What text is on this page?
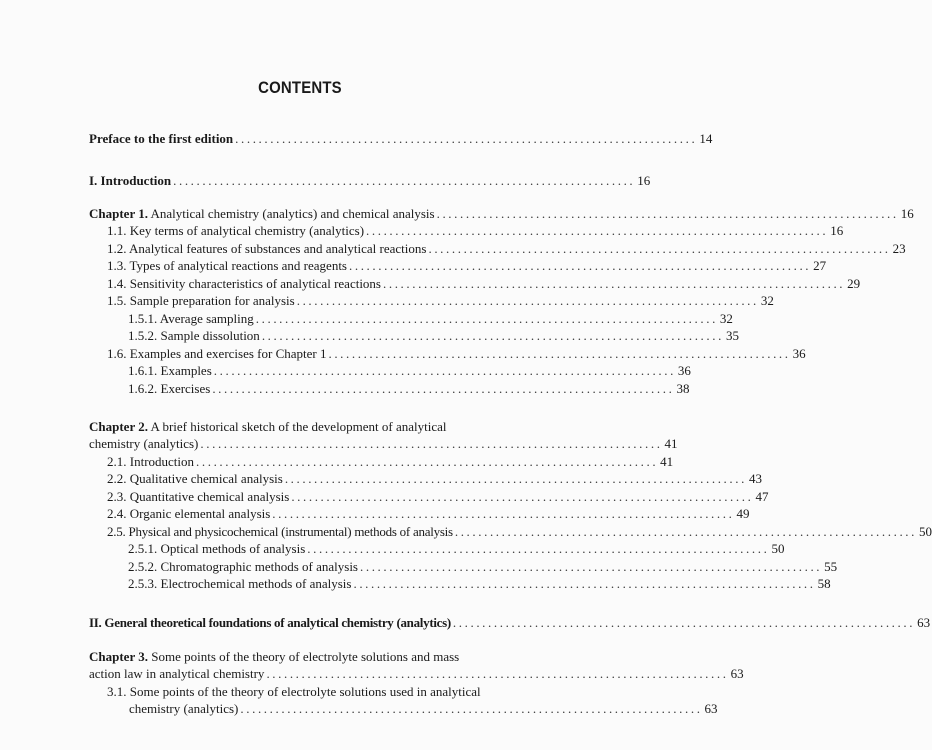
CONTENTS
Preface to the first edition ............................................................................... 14
I. Introduction ............................................................................... 16
Chapter 1. Analytical chemistry (analytics) and chemical analysis ............................................................................... 16
1.1. Key terms of analytical chemistry (analytics) ............................................................................... 16
1.2. Analytical features of substances and analytical reactions ............................................................................... 23
1.3. Types of analytical reactions and reagents ............................................................................... 27
1.4. Sensitivity characteristics of analytical reactions ............................................................................... 29
1.5. Sample preparation for analysis ............................................................................... 32
1.5.1. Average sampling ............................................................................... 32
1.5.2. Sample dissolution ............................................................................... 35
1.6. Examples and exercises for Chapter 1 ............................................................................... 36
1.6.1. Examples ............................................................................... 36
1.6.2. Exercises ............................................................................... 38
Chapter 2. A brief historical sketch of the development of analytical
chemistry (analytics) ............................................................................... 41
2.1. Introduction ............................................................................... 41
2.2. Qualitative chemical analysis ............................................................................... 43
2.3. Quantitative chemical analysis ............................................................................... 47
2.4. Organic elemental analysis ............................................................................... 49
2.5. Physical and physicochemical (instrumental) methods of analysis ............................................................................... 50
2.5.1. Optical methods of analysis ............................................................................... 50
2.5.2. Chromatographic methods of analysis ............................................................................... 55
2.5.3. Electrochemical methods of analysis ............................................................................... 58
II. General theoretical foundations of analytical chemistry (analytics) ............................................................................... 63
Chapter 3. Some points of the theory of electrolyte solutions and mass
action law in analytical chemistry ............................................................................... 63
3.1. Some points of the theory of electrolyte solutions used in analytical
chemistry (analytics) ............................................................................... 63
